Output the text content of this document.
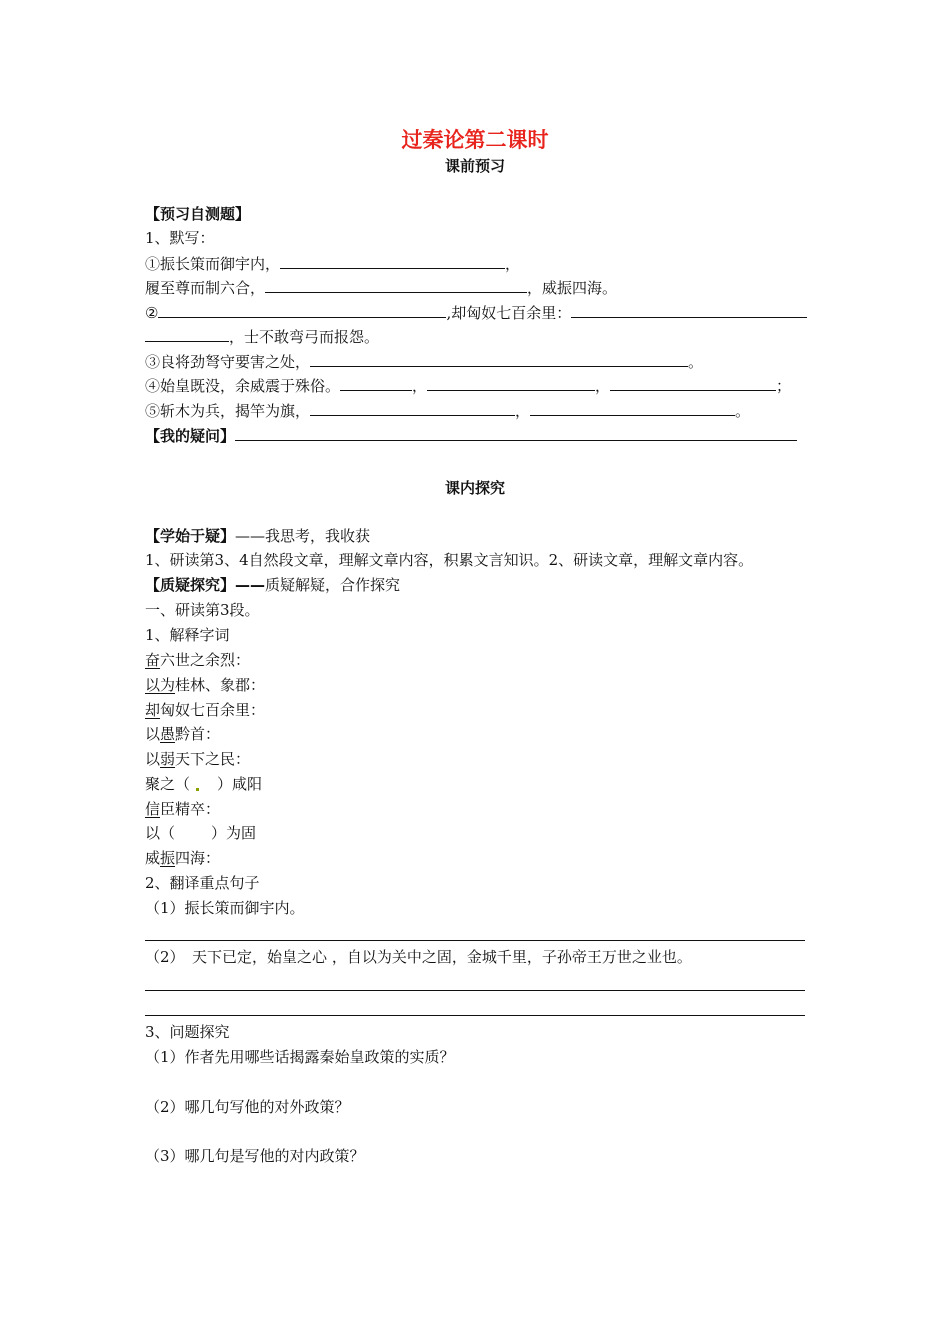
过秦论第二课时
课前预习
【预习自测题】
1、默写：
①振长策而御宇内，	，
履至尊而制六合，	，威振四海。
②	,却匈奴七百余里：
，士不敢弯弓而报怨。
③良将劲弩守要害之处，	。
④始皇既没，余威震于殊俗。	，	，	；
⑤斩木为兵，揭竿为旗，	，	。
【我的疑问】
课内探究
【学始于疑】——我思考，我收获
1、研读第3、4自然段文章，理解文章内容，积累文言知识。2、研读文章，理解文章内容。
【质疑探究】——质疑解疑，合作探究
一、研读第3段。
1、解释字词
奋六世之余烈：
以为桂林、象郡：
却匈奴七百余里：
以愚黔首：
以弱天下之民：
聚之（ ）咸阳
信臣精卒：
以（ ）为固
威振四海：
2、翻译重点句子
（1）振长策而御宇内。
（2）　天下已定，始皇之心 ，自以为关中之固，金城千里，子孙帝王万世之业也。
3、问题探究
（1）作者先用哪些话揭露秦始皇政策的实质？
（2）哪几句写他的对外政策？
（3）哪几句是写他的对内政策？
